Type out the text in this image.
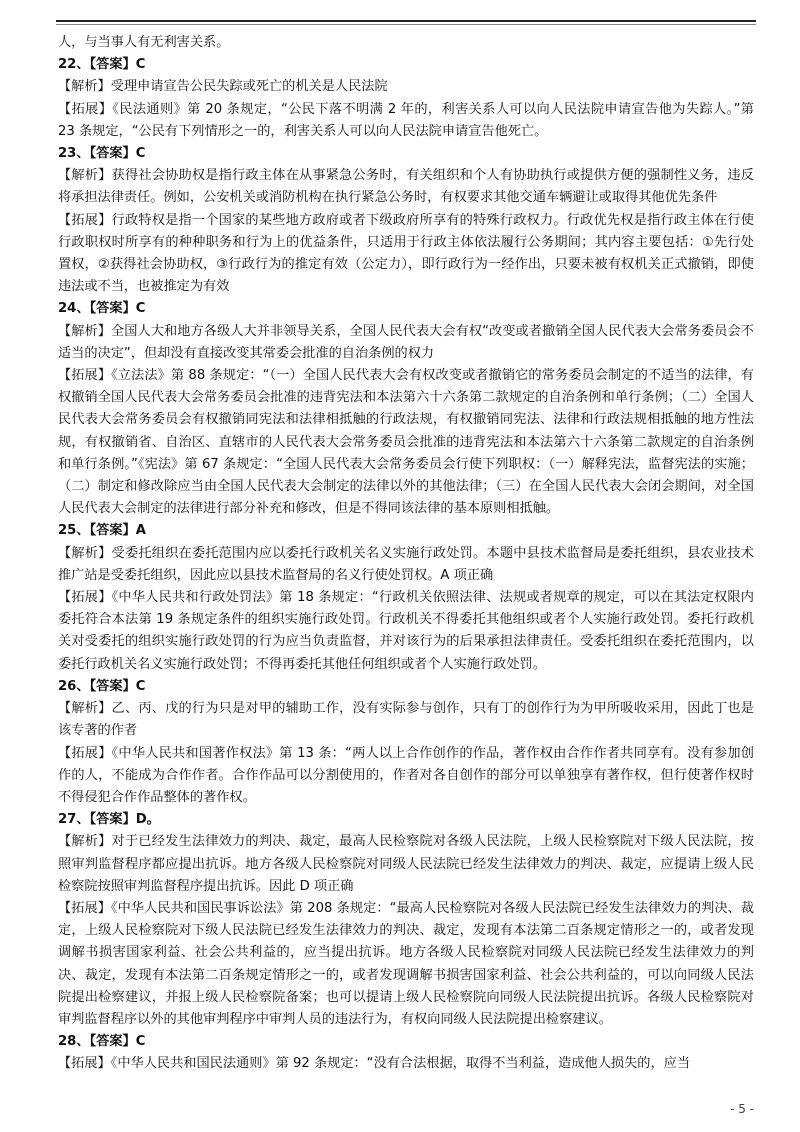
人，与当事人有无利害关系。

22、【答案】C

【解析】受理申请宣告公民失踪或死亡的机关是人民法院

【拓展】《民法通则》第 20 条规定，“公民下落不明满 2 年的，利害关系人可以向人民法院申请宣告他为失踪人。”第 23 条规定，“公民有下列情形之一的，利害关系人可以向人民法院申请宣告他死亡。

23、【答案】C

【解析】获得社会协助权是指行政主体在从事紧急公务时，有关组织和个人有协助执行或提供方便的强制性义务，违反将承担法律责任。例如，公安机关或消防机构在执行紧急公务时，有权要求其他交通车辆避让或取得其他优先条件

【拓展】行政特权是指一个国家的某些地方政府或者下级政府所享有的特殊行政权力。行政优先权是指行政主体在行使行政职权时所享有的种种职务和行为上的优益条件，只适用于行政主体依法履行公务期间；其内容主要包括：①先行处置权，②获得社会协助权，③行政行为的推定有效（公定力），即行政行为一经作出，只要未被有权机关正式撤销，即使违法或不当，也被推定为有效

24、【答案】C

【解析】全国人大和地方各级人大并非领导关系，全国人民代表大会有权“改变或者撤销全国人民代表大会常务委员会不适当的决定”，但却没有直接改变其常委会批准的自治条例的权力

【拓展】《立法法》第 88 条规定：“（一）全国人民代表大会有权改变或者撤销它的常务委员会制定的不适当的法律，有权撤销全国人民代表大会常务委员会批准的违背宪法和本法第六十六条第二款规定的自治条例和单行条例；（二）全国人民代表大会常务委员会有权撤销同宪法和法律相抵触的行政法规，有权撤销同宪法、法律和行政法规相抵触的地方性法规，有权撤销省、自治区、直辖市的人民代表大会常务委员会批准的违背宪法和本法第六十六条第二款规定的自治条例和单行条例。”《宪法》第 67 条规定：“全国人民代表大会常务委员会行使下列职权：（一）解释宪法，监督宪法的实施；（二）制定和修改除应当由全国人民代表大会制定的法律以外的其他法律；（三）在全国人民代表大会闭会期间，对全国人民代表大会制定的法律进行部分补充和修改，但是不得同该法律的基本原则相抵触。

25、【答案】A

【解析】受委托组织在委托范围内应以委托行政机关名义实施行政处罚。本题中县技术监督局是委托组织，县农业技术推广站是受委托组织，因此应以县技术监督局的名义行使处罚权。A 项正确

【拓展】《中华人民共和行政处罚法》第 18 条规定：“行政机关依照法律、法规或者规章的规定，可以在其法定权限内委托符合本法第 19 条规定条件的组织实施行政处罚。行政机关不得委托其他组织或者个人实施行政处罚。委托行政机关对受委托的组织实施行政处罚的行为应当负责监督，并对该行为的后果承担法律责任。受委托组织在委托范围内，以委托行政机关名义实施行政处罚；不得再委托其他任何组织或者个人实施行政处罚。

26、【答案】C

【解析】乙、丙、戊的行为只是对甲的辅助工作，没有实际参与创作，只有丁的创作行为为甲所吸收采用，因此丁也是该专著的作者

【拓展】《中华人民共和国著作权法》第 13 条：“两人以上合作创作的作品，著作权由合作作者共同享有。没有参加创作的人，不能成为合作作者。合作作品可以分割使用的，作者对各自创作的部分可以单独享有著作权，但行使著作权时不得侵犯合作作品整体的著作权。

27、【答案】D。

【解析】对于已经发生法律效力的判决、裁定，最高人民检察院对各级人民法院，上级人民检察院对下级人民法院，按照审判监督程序都应提出抗诉。地方各级人民检察院对同级人民法院已经发生法律效力的判决、裁定，应提请上级人民检察院按照审判监督程序提出抗诉。因此 D 项正确

【拓展】《中华人民共和国民事诉讼法》第 208 条规定：“最高人民检察院对各级人民法院已经发生法律效力的判决、裁定，上级人民检察院对下级人民法院已经发生法律效力的判决、裁定，发现有本法第二百条规定情形之一的，或者发现调解书损害国家利益、社会公共利益的，应当提出抗诉。地方各级人民检察院对同级人民法院已经发生法律效力的判决、裁定，发现有本法第二百条规定情形之一的，或者发现调解书损害国家利益、社会公共利益的，可以向同级人民法院提出检察建议，并报上级人民检察院备案；也可以提请上级人民检察院向同级人民法院提出抗诉。各级人民检察院对审判监督程序以外的其他审判程序中审判人员的违法行为，有权向同级人民法院提出检察建议。

28、【答案】C

【拓展】《中华人民共和国民法通则》第 92 条规定：“没有合法根据，取得不当利益，造成他人损失的，应当

- 5 -
